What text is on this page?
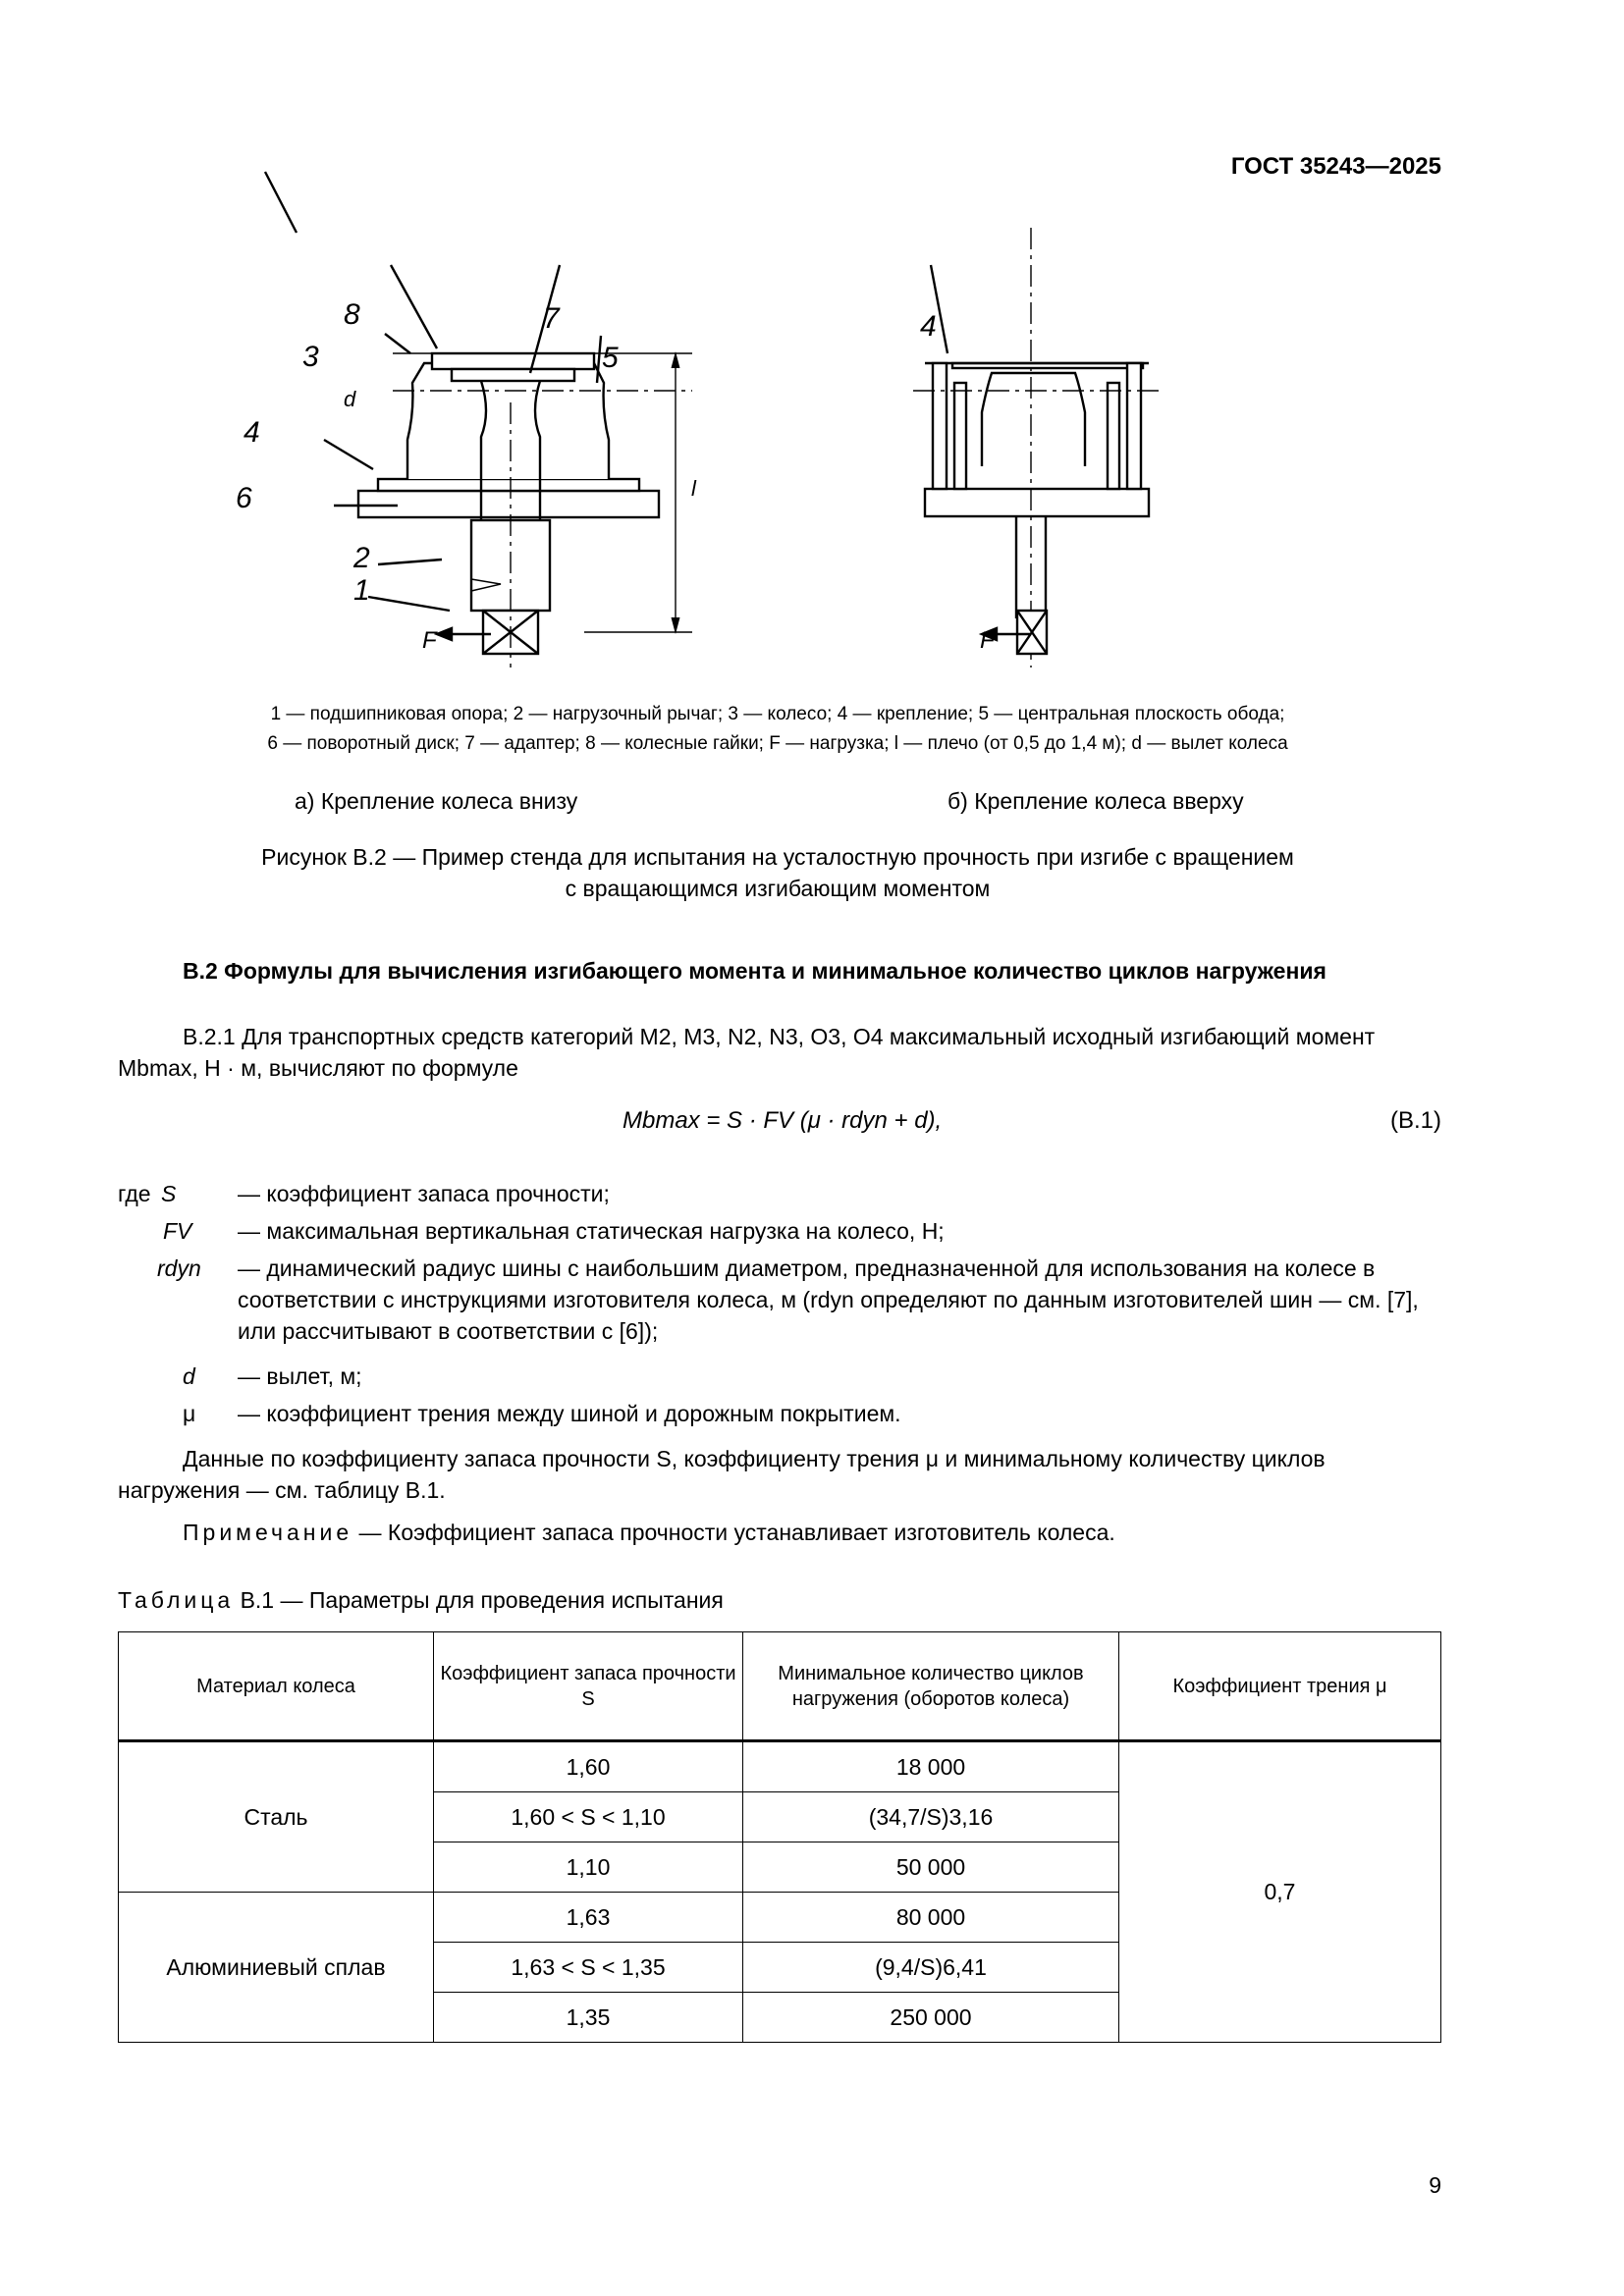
ГОСТ 35243—2025
8	7
3	5
4
6
2
1
d
l
F
4
F
1 — подшипниковая опора; 2 — нагрузочный рычаг; 3 — колесо; 4 — крепление; 5 — центральная плоскость обода;
6 — поворотный диск; 7 — адаптер; 8 — колесные гайки; F — нагрузка; l — плечо (от 0,5 до 1,4 м); d — вылет колеса
а) Крепление колеса внизу	б) Крепление колеса вверху
Рисунок В.2 — Пример стенда для испытания на усталостную прочность при изгибе с вращением
с вращающимся изгибающим моментом
В.2 Формулы для вычисления изгибающего момента и минимальное количество циклов нагружения
В.2.1 Для транспортных средств категорий M2, M3, N2, N3, O3, O4 максимальный исходный изгибающий момент Mbmax, Н · м, вычисляют по формуле
Mbmax = S · FV (μ · rdyn + d),	(В.1)
где S	— коэффициент запаса прочности;
FV	— максимальная вертикальная статическая нагрузка на колесо, Н;
rdyn	— динамический радиус шины с наибольшим диаметром, предназначенной для использования на колесе в соответствии с инструкциями изготовителя колеса, м (rdyn определяют по данным изготовителей шин — см. [7], или рассчитывают в соответствии с [6]);
d	— вылет, м;
μ	— коэффициент трения между шиной и дорожным покрытием.
Данные по коэффициенту запаса прочности S, коэффициенту трения μ и минимальному количеству циклов нагружения — см. таблицу В.1.
Примечание — Коэффициент запаса прочности устанавливает изготовитель колеса.
Таблица В.1 — Параметры для проведения испытания
Материал колеса	Коэффициент запаса прочности S	Минимальное количество циклов нагружения (оборотов колеса)	Коэффициент трения μ
Сталь	1,60	18 000	0,7
	1,60 < S < 1,10	(34,7/S)3,16	
	1,10	50 000	
Алюминиевый сплав	1,63	80 000	
	1,63 < S < 1,35	(9,4/S)6,41	
	1,35	250 000	
9
